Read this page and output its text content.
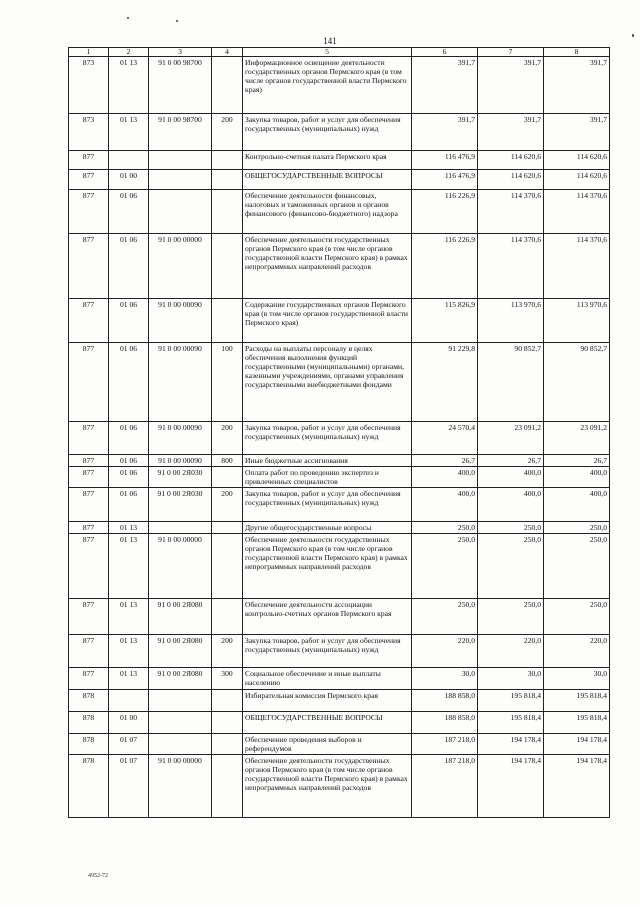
141
1	2	3	4	5	6	7	8
873	01 13	91 0 00 98700		Информационное освещение деятельности государственных органов Пермского края (в том числе органов государственной власти Пермского края)	391,7	391,7	391,7
873	01 13	91 0 00 98700	200	Закупка товаров, работ и услуг для обеспечения государственных (муниципальных) нужд	391,7	391,7	391,7
877				Контрольно-счетная палата Пермского края	116 476,9	114 620,6	114 620,6
877	01 00			ОБЩЕГОСУДАРСТВЕННЫЕ ВОПРОСЫ	116 476,9	114 620,6	114 620,6
877	01 06			Обеспечение деятельности финансовых, налоговых и таможенных органов и органов финансового (финансово-бюджетного) надзора	116 226,9	114 370,6	114 370,6
877	01 06	91 0 00 00000		Обеспечение деятельности государственных органов Пермского края (в том числе органов государственной власти Пермского края) в рамках непрограммных направлений расходов	116 226,9	114 370,6	114 370,6
877	01 06	91 0 00 00090		Содержание государственных органов Пермского края (в том числе органов государственной власти Пермского края)	115 826,9	113 970,6	113 970,6
877	01 06	91 0 00 00090	100	Расходы на выплаты персоналу в целях обеспечения выполнения функций государственными (муниципальными) органами, казенными учреждениями, органами управления государственными внебюджетными фондами	91 229,8	90 852,7	90 852,7
877	01 06	91 0 00 00090	200	Закупка товаров, работ и услуг для обеспечения государственных (муниципальных) нужд	24 570,4	23 091,2	23 091,2
877	01 06	91 0 00 00090	800	Иные бюджетные ассигнования	26,7	26,7	26,7
877	01 06	91 0 00 2Я030		Оплата работ по проведению экспертиз и привлеченных специалистов	400,0	400,0	400,0
877	01 06	91 0 00 2Я030	200	Закупка товаров, работ и услуг для обеспечения государственных (муниципальных) нужд	400,0	400,0	400,0
877	01 13			Другие общегосударственные вопросы	250,0	250,0	250,0
877	01 13	91 0 00 00000		Обеспечение деятельности государственных органов Пермского края (в том числе органов государственной власти Пермского края) в рамках непрограммных направлений расходов	250,0	250,0	250,0
877	01 13	91 0 00 2Я080		Обеспечение деятельности ассоциации контрольно-счетных органов Пермского края	250,0	250,0	250,0
877	01 13	91 0 00 2Я080	200	Закупка товаров, работ и услуг для обеспечения государственных (муниципальных) нужд	220,0	220,0	220,0
877	01 13	91 0 00 2Я080	300	Социальное обеспечение и иные выплаты населению	30,0	30,0	30,0
878				Избирательная комиссия Пермского края	188 858,0	195 818,4	195 818,4
878	01 00			ОБЩЕГОСУДАРСТВЕННЫЕ ВОПРОСЫ	188 858,0	195 818,4	195 818,4
878	01 07			Обеспечение проведения выборов и референдумов	187 218,0	194 178,4	194 178,4
878	01 07	91 0 00 00000		Обеспечение деятельности государственных органов Пермского края (в том числе органов государственной власти Пермского края) в рамках непрограммных направлений расходов	187 218,0	194 178,4	194 178,4
4952-72
